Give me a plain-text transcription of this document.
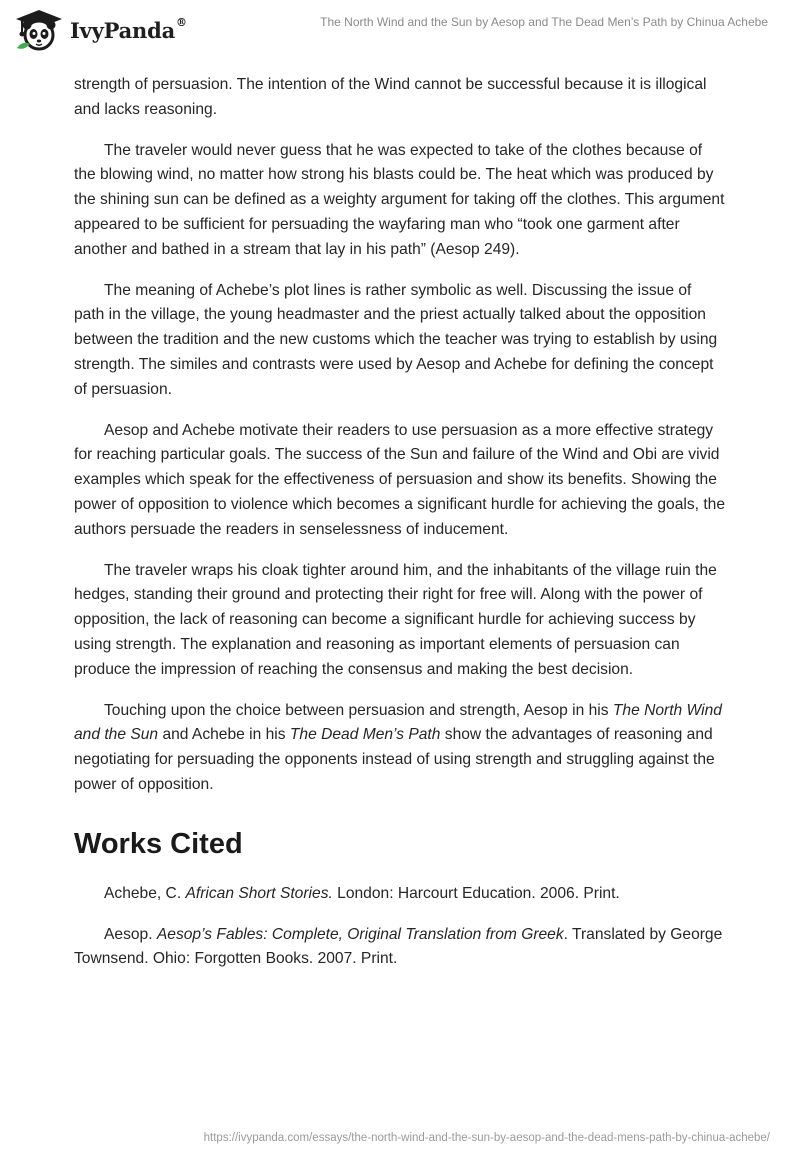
IvyPanda®	The North Wind and the Sun by Aesop and The Dead Men’s Path by Chinua Achebe

strength of persuasion. The intention of the Wind cannot be successful because it is illogical and lacks reasoning.

The traveler would never guess that he was expected to take of the clothes because of the blowing wind, no matter how strong his blasts could be. The heat which was produced by the shining sun can be defined as a weighty argument for taking off the clothes. This argument appeared to be sufficient for persuading the wayfaring man who “took one garment after another and bathed in a stream that lay in his path” (Aesop 249).

The meaning of Achebe’s plot lines is rather symbolic as well. Discussing the issue of path in the village, the young headmaster and the priest actually talked about the opposition between the tradition and the new customs which the teacher was trying to establish by using strength. The similes and contrasts were used by Aesop and Achebe for defining the concept of persuasion.

Aesop and Achebe motivate their readers to use persuasion as a more effective strategy for reaching particular goals. The success of the Sun and failure of the Wind and Obi are vivid examples which speak for the effectiveness of persuasion and show its benefits. Showing the power of opposition to violence which becomes a significant hurdle for achieving the goals, the authors persuade the readers in senselessness of inducement.

The traveler wraps his cloak tighter around him, and the inhabitants of the village ruin the hedges, standing their ground and protecting their right for free will. Along with the power of opposition, the lack of reasoning can become a significant hurdle for achieving success by using strength. The explanation and reasoning as important elements of persuasion can produce the impression of reaching the consensus and making the best decision.

Touching upon the choice between persuasion and strength, Aesop in his The North Wind and the Sun and Achebe in his The Dead Men’s Path show the advantages of reasoning and negotiating for persuading the opponents instead of using strength and struggling against the power of opposition.

Works Cited

Achebe, C. African Short Stories. London: Harcourt Education. 2006. Print.

Aesop. Aesop’s Fables: Complete, Original Translation from Greek. Translated by George Townsend. Ohio: Forgotten Books. 2007. Print.

https://ivypanda.com/essays/the-north-wind-and-the-sun-by-aesop-and-the-dead-mens-path-by-chinua-achebe/
